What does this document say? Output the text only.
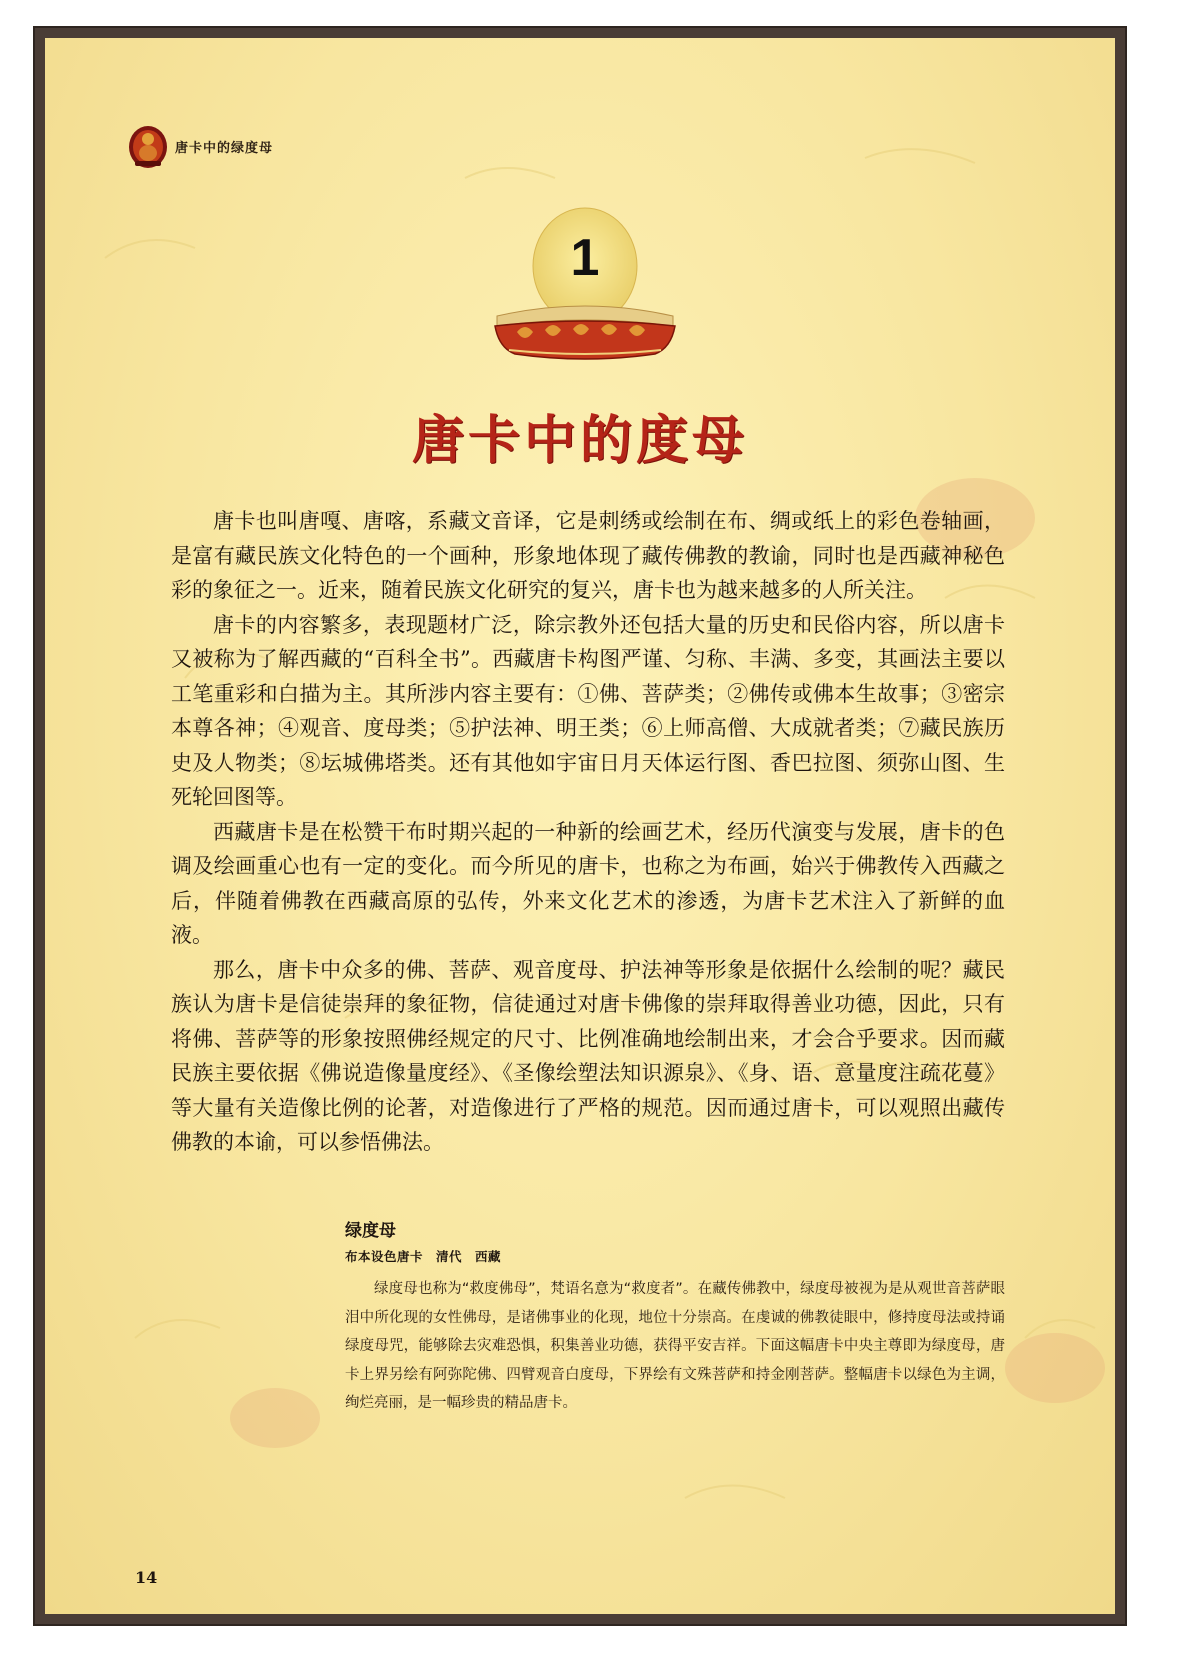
唐卡中的绿度母
1
唐卡中的度母

唐卡也叫唐嘎、唐喀，系藏文音译，它是刺绣或绘制在布、绸或纸上的彩色卷轴画，是富有藏民族文化特色的一个画种，形象地体现了藏传佛教的教谕，同时也是西藏神秘色彩的象征之一。近来，随着民族文化研究的复兴，唐卡也为越来越多的人所关注。

唐卡的内容繁多，表现题材广泛，除宗教外还包括大量的历史和民俗内容，所以唐卡又被称为了解西藏的“百科全书”。西藏唐卡构图严谨、匀称、丰满、多变，其画法主要以工笔重彩和白描为主。其所涉内容主要有：①佛、菩萨类；②佛传或佛本生故事；③密宗本尊各神；④观音、度母类；⑤护法神、明王类；⑥上师高僧、大成就者类；⑦藏民族历史及人物类；⑧坛城佛塔类。还有其他如宇宙日月天体运行图、香巴拉图、须弥山图、生死轮回图等。

西藏唐卡是在松赞干布时期兴起的一种新的绘画艺术，经历代演变与发展，唐卡的色调及绘画重心也有一定的变化。而今所见的唐卡，也称之为布画，始兴于佛教传入西藏之后，伴随着佛教在西藏高原的弘传，外来文化艺术的渗透，为唐卡艺术注入了新鲜的血液。

那么，唐卡中众多的佛、菩萨、观音度母、护法神等形象是依据什么绘制的呢？藏民族认为唐卡是信徒崇拜的象征物，信徒通过对唐卡佛像的崇拜取得善业功德，因此，只有将佛、菩萨等的形象按照佛经规定的尺寸、比例准确地绘制出来，才会合乎要求。因而藏民族主要依据《佛说造像量度经》、《圣像绘塑法知识源泉》、《身、语、意量度注疏花蔓》等大量有关造像比例的论著，对造像进行了严格的规范。因而通过唐卡，可以观照出藏传佛教的本谕，可以参悟佛法。

绿度母
布本设色唐卡　清代　西藏

绿度母也称为“救度佛母”，梵语名意为“救度者”。在藏传佛教中，绿度母被视为是从观世音菩萨眼泪中所化现的女性佛母，是诸佛事业的化现，地位十分崇高。在虔诚的佛教徒眼中，修持度母法或持诵绿度母咒，能够除去灾难恐惧，积集善业功德，获得平安吉祥。下面这幅唐卡中央主尊即为绿度母，唐卡上界另绘有阿弥陀佛、四臂观音白度母，下界绘有文殊菩萨和持金刚菩萨。整幅唐卡以绿色为主调，绚烂亮丽，是一幅珍贵的精品唐卡。

14
